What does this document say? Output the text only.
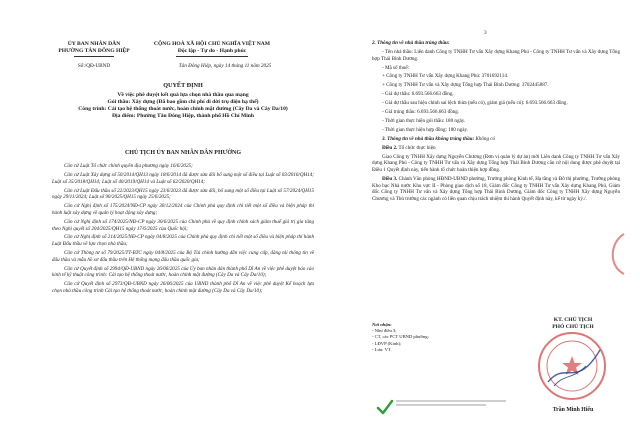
ỦY BAN NHÂN DÂN
PHƯỜNG TÂN ĐÔNG HIỆP
Số:/QĐ-UBND
CỘNG HOÀ XÃ HỘI CHỦ NGHĨA VIỆT NAM
Độc lập - Tự do - Hạnh phúc
Tân Đông Hiệp, ngày 14 tháng 11 năm 2025
QUYẾT ĐỊNH
Về việc phê duyệt kết quả lựa chọn nhà thầu qua mạng
Gói thầu: Xây dựng (Đã bao gồm chi phí di dời trụ điện hạ thế)
Công trình: Cải tạo hệ thống thoát nước, hoàn chỉnh mặt đường (Cây Da và Cây Da/10)
Địa điểm: Phường Tân Đông Hiệp, thành phố Hồ Chí Minh
CHỦ TỊCH ỦY BAN NHÂN DÂN PHƯỜNG

Căn cứ Luật Tổ chức chính quyền địa phương ngày 16/6/2025;

Căn cứ Luật Xây dựng số 50/2014/QH13 ngày 18/6/2014 đã được sửa đổi bổ sung một số điều tại Luật số 03/2016/QH14; Luật số 35/2018/QH14; Luật số 40/2019/QH14 và Luật số 62/2020/QH14;

Căn cứ Luật Đấu thầu số 22/2023/QH15 ngày 23/6/2023 đã được sửa đổi, bổ sung một số điều tại Luật số 57/2024/QH15 ngày 29/11/2024; Luật số 90/2025/QH15 ngày 25/6/2025;

Căn cứ Nghị định số 175/2024/NĐ-CP ngày 30/12/2024 của Chính phủ quy định chi tiết một số điều và biện pháp thi hành luật xây dựng về quản lý hoạt động xây dựng;

Căn cứ Nghị định số 174/2025/NĐ-CP ngày 30/6/2025 của Chính phủ về quy định chính sách giảm thuế giá trị gia tăng theo Nghị quyết số 204/2025/QH15 ngày 17/6/2025 của Quốc hội;

Căn cứ Nghị định số 214/2025/NĐ-CP ngày 04/8/2025 của Chính phủ quy định chi tiết một số điều và biện pháp thi hành Luật Đấu thầu về lựa chọn nhà thầu;

Căn cứ Thông tư số 79/2025/TT-BTC ngày 04/8/2025 của Bộ Tài chính hướng dẫn việc cung cấp, đăng tải thông tin về đấu thầu và mẫu hồ sơ đấu thầu trên Hệ thống mạng đấu thầu quốc gia;

Căn cứ Quyết định số 2994/QĐ-UBND ngày 26/06/2025 của Ủy ban nhân dân thành phố Dĩ An về việc phê duyệt báo cáo kinh tế kỹ thuật công trình: Cải tạo hệ thống thoát nước, hoàn chỉnh mặt đường (Cây Da và Cây Da/10);

Căn cứ Quyết định số 2973/QĐ-UBND ngày 26/06/2025 của UBND thành phố Dĩ An về việc phê duyệt Kế hoạch lựa chọn nhà thầu công trình Cải tạo hệ thống thoát nước, hoàn chỉnh mặt đường (Cây Da và Cây Da/10);

3

2. Thông tin về nhà thầu trúng thầu:

- Tên nhà thầu: Liên danh Công ty TNHH Tư vấn Xây dựng Khang Phú - Công ty TNHH Tư vấn và Xây dựng Tổng hợp Thái Bình Dương.

- Mã số thuế:

+ Công ty TNHH Tư vấn Xây dựng Khang Phú: 3701692114.

+ Công ty TNHH Tư vấn và Xây dựng Tổng hợp Thái Bình Dương: 3702445887.

- Giá dự thầu: 6.693.566.663 đồng.

- Giá dự thầu sau hiệu chỉnh sai lệch thừa (nếu có), giảm giá (nếu có): 6.693.566.663 đồng.

- Giá trúng thầu: 6.693.566.663 đồng.

- Thời gian thực hiện gói thầu: 180 ngày.

- Thời gian thực hiện hợp đồng: 180 ngày.

3. Thông tin về nhà thầu không trúng thầu: Không có

Điều 2. Tổ chức thực hiện

Giao Công ty TNHH Xây dựng Nguyễn Chương (Đơn vị quản lý dự án) mời Liên danh Công ty TNHH Tư vấn Xây dựng Khang Phú - Công ty TNHH Tư vấn và Xây dựng Tổng hợp Thái Bình Dương căn cứ nội dung được phê duyệt tại Điều 1 Quyết định này, tiến hành tổ chức hoàn thiện hợp đồng.

Điều 3. Chánh Văn phòng HĐND-UBND phường, Trưởng phòng Kinh tế, Hạ tầng và Đô thị phường, Trưởng phòng Kho bạc Nhà nước Khu vực II - Phòng giao dịch số 18, Giám đốc Công ty TNHH Tư vấn Xây dựng Khang Phú, Giám đốc Công ty TNHH Tư vấn và Xây dựng Tổng hợp Thái Bình Dương, Giám đốc Công ty TNHH Xây dựng Nguyễn Chương và Thủ trưởng các ngành có liên quan chịu trách nhiệm thi hành Quyết định này, kể từ ngày ký./.

KT. CHỦ TỊCH
PHÓ CHỦ TỊCH
Nơi nhận:
- Như điều 3;
- CT, các PCT UBND phường;
- LĐVP (Kinh);
- Lưu: VT.
Trần Minh Hiếu
